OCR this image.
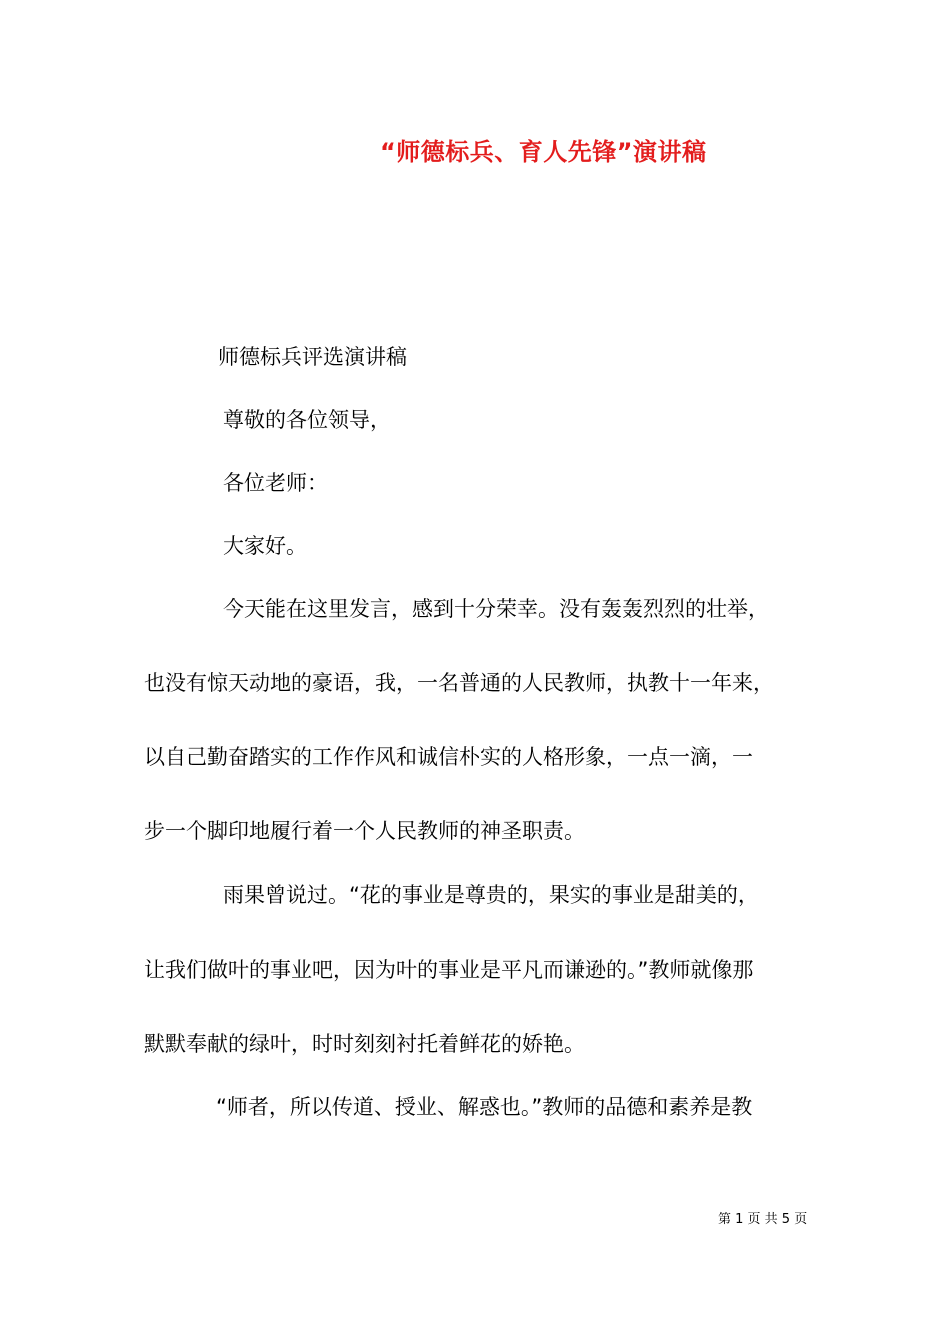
“师德标兵、育人先锋”演讲稿
师德标兵评选演讲稿
尊敬的各位领导，
各位老师：
大家好。
今天能在这里发言，感到十分荣幸。没有轰轰烈烈的壮举，
也没有惊天动地的豪语，我，一名普通的人民教师，执教十一年来，
以自己勤奋踏实的工作作风和诚信朴实的人格形象，一点一滴，一
步一个脚印地履行着一个人民教师的神圣职责。
雨果曾说过。“花的事业是尊贵的，果实的事业是甜美的，
让我们做叶的事业吧，因为叶的事业是平凡而谦逊的。”教师就像那
默默奉献的绿叶，时时刻刻衬托着鲜花的娇艳。
“师者，所以传道、授业、解惑也。”教师的品德和素养是教
第 1 页 共 5 页
